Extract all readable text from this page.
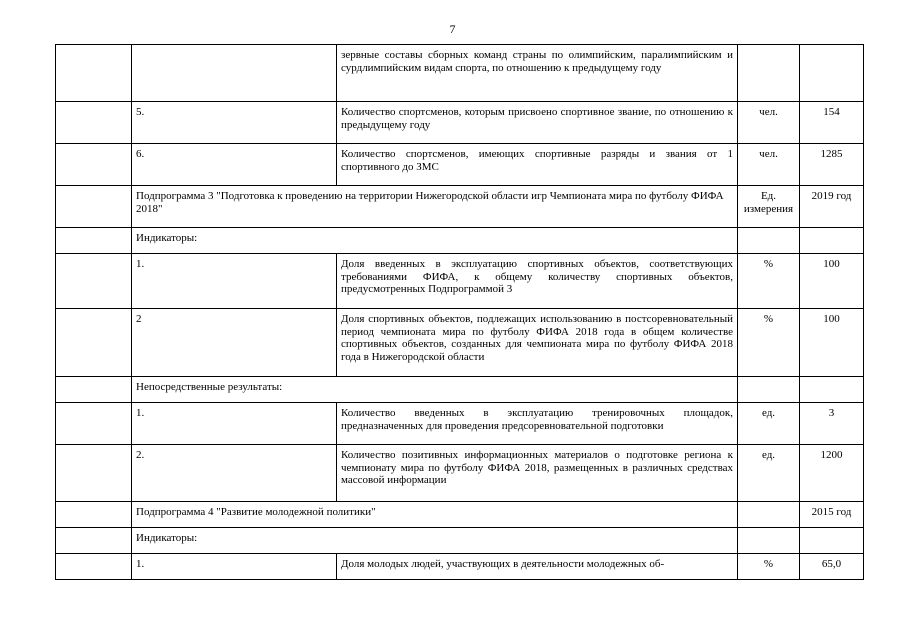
7
		зервные составы сборных команд страны по олимпийским, паралимпийским и сурдлимпийским видам спорта, по отношению к предыдущему году		
	5.	Количество спортсменов, которым присвоено спортивное звание, по отношению к предыдущему году	чел.	154
	6.	Количество спортсменов, имеющих спортивные разряды и звания от 1 спортивного до ЗМС	чел.	1285
	Подпрограмма 3 "Подготовка к проведению на территории Нижегородской области игр Чемпионата мира по футболу ФИФА 2018"		Ед. измерения	2019 год
	Индикаторы:			
	1.	Доля введенных в эксплуатацию спортивных объектов, соответствующих требованиями ФИФА, к общему количеству спортивных объектов, предусмотренных Подпрограммой 3	%	100
	2	Доля спортивных объектов, подлежащих использованию в постсоревновательный период чемпионата мира по футболу ФИФА 2018 года в общем количестве спортивных объектов, созданных для чемпионата мира по футболу ФИФА 2018 года в Нижегородской области	%	100
	Непосредственные результаты:			
	1.	Количество введенных в эксплуатацию тренировочных площадок, предназначенных для проведения предсоревновательной подготовки	ед.	3
	2.	Количество позитивных информационных материалов о подготовке региона к чемпионату мира по футболу ФИФА 2018, размещенных в различных средствах массовой информации	ед.	1200
	Подпрограмма 4 "Развитие молодежной политики"			2015 год
	Индикаторы:			
	1.	Доля молодых людей, участвующих в деятельности молодежных об-	%	65,0
